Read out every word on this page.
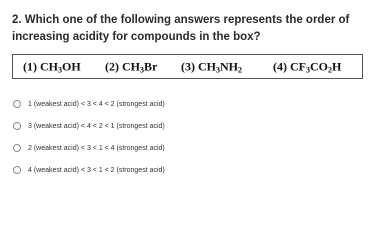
2. Which one of the following answers represents the order of increasing acidity for compounds in the box?
(1) $CH_3OH$ (2) $CH_3Br$ (3) $CH_3NH_2$	(4) $CF_3CO_2H$
1 (weakest acid) < 3 < 4 < 2 (strongest acid)
3 (weakest acid) < 4 < 2 < 1 (strongest acid)
2 (weakest acid) < 3 < 1 < 4 (strongest acid)
4 (weakest acid) < 3 < 1 < 2 (strongest acid)
